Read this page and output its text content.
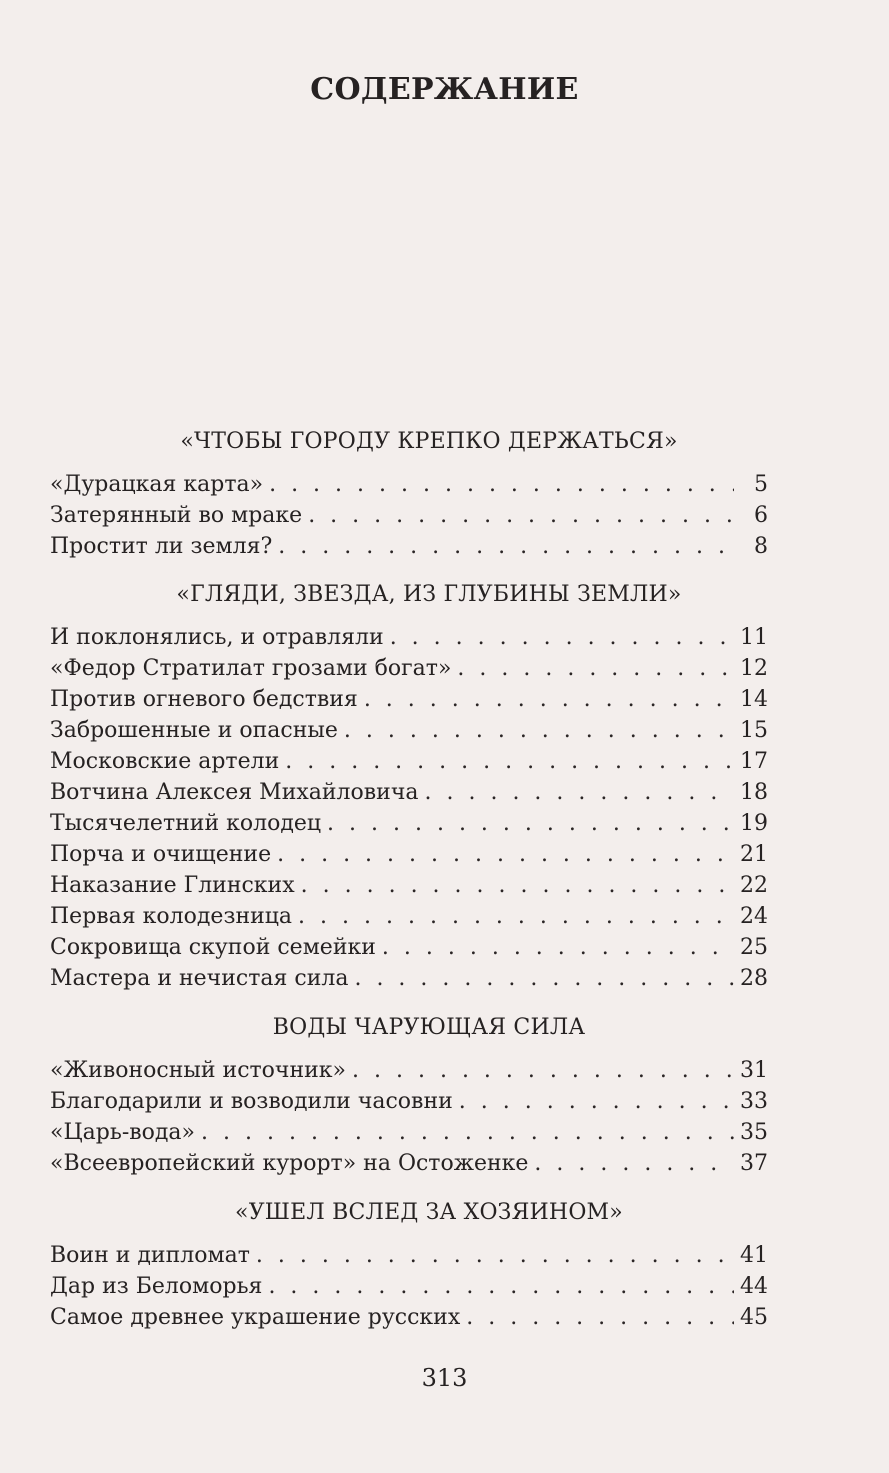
СОДЕРЖАНИЕ
«ЧТОБЫ ГОРОДУ КРЕПКО ДЕРЖАТЬСЯ»
«Дурацкая карта» . . .	5
Затерянный во мраке . . .	6
Простит ли земля? . . .	8
«ГЛЯДИ, ЗВЕЗДА, ИЗ ГЛУБИНЫ ЗЕМЛИ»
И поклонялись, и отравляли . . .	11
«Федор Стратилат грозами богат» . . .	12
Против огневого бедствия . . .	14
Заброшенные и опасные . . .	15
Московские артели . . .	17
Вотчина Алексея Михайловича . . .	18
Тысячелетний колодец . . .	19
Порча и очищение . . .	21
Наказание Глинских . . .	22
Первая колодезница . . .	24
Сокровища скупой семейки . . .	25
Мастера и нечистая сила . . .	28
ВОДЫ ЧАРУЮЩАЯ СИЛА
«Живоносный источник» . . .	31
Благодарили и возводили часовни . . .	33
«Царь-вода» . . .	35
«Всеевропейский курорт» на Остоженке . . .	37
«УШЕЛ ВСЛЕД ЗА ХОЗЯИНОМ»
Воин и дипломат . . .	41
Дар из Беломорья . . .	44
Самое древнее украшение русских . . .	45
313
